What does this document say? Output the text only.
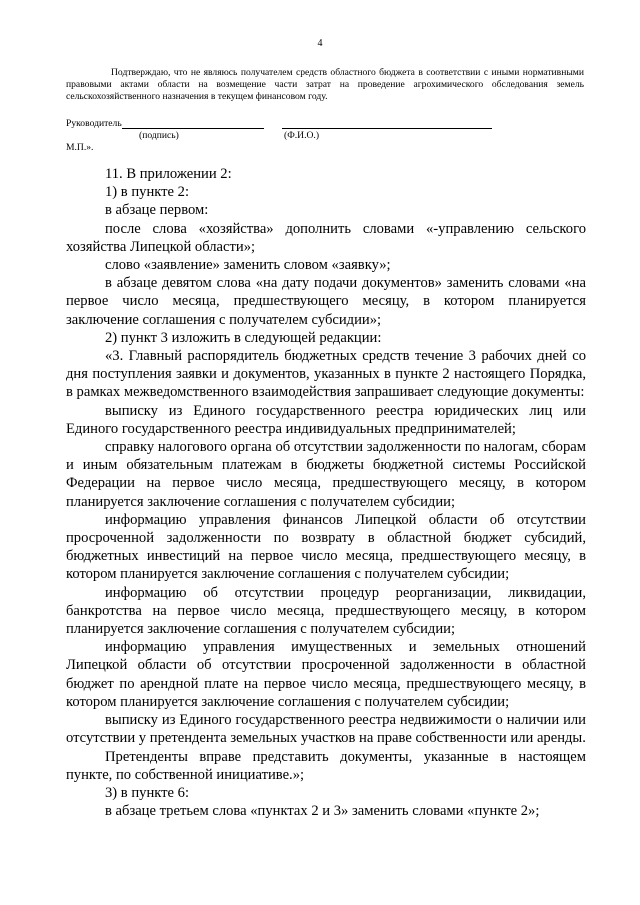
4

Подтверждаю, что не являюсь получателем средств областного бюджета в соответствии с иными нормативными правовыми актами области на возмещение части затрат на проведение агрохимического обследования земель сельскохозяйственного назначения в текущем финансовом году.

Руководитель
(подпись)	(Ф.И.О.)
М.П.».

11. В приложении 2:

1) в пункте 2:

в абзаце первом:

после слова «хозяйства» дополнить словами «-управлению сельского хозяйства Липецкой области»;

слово «заявление» заменить словом «заявку»;

в абзаце девятом слова «на дату подачи документов» заменить словами «на первое число месяца, предшествующего месяцу, в котором планируется заключение соглашения с получателем субсидии»;

2) пункт 3 изложить в следующей редакции:

«3. Главный распорядитель бюджетных средств течение 3 рабочих дней со дня поступления заявки и документов, указанных в пункте 2 настоящего Порядка, в рамках межведомственного взаимодействия запрашивает следующие документы:

выписку из Единого государственного реестра юридических лиц или Единого государственного реестра индивидуальных предпринимателей;

справку налогового органа об отсутствии задолженности по налогам, сборам и иным обязательным платежам в бюджеты бюджетной системы Российской Федерации на первое число месяца, предшествующего месяцу, в котором планируется заключение соглашения с получателем субсидии;

информацию управления финансов Липецкой области об отсутствии просроченной задолженности по возврату в областной бюджет субсидий, бюджетных инвестиций на первое число месяца, предшествующего месяцу, в котором планируется заключение соглашения с получателем субсидии;

информацию об отсутствии процедур реорганизации, ликвидации, банкротства на первое число месяца, предшествующего месяцу, в котором планируется заключение соглашения с получателем субсидии;

информацию управления имущественных и земельных отношений Липецкой области об отсутствии просроченной задолженности в областной бюджет по арендной плате на первое число месяца, предшествующего месяцу, в котором планируется заключение соглашения с получателем субсидии;

выписку из Единого государственного реестра недвижимости о наличии или отсутствии у претендента земельных участков на праве собственности или аренды.

Претенденты вправе представить документы, указанные в настоящем пункте, по собственной инициативе.»;

3) в пункте 6:

в абзаце третьем слова «пунктах 2 и 3» заменить словами «пункте 2»;
